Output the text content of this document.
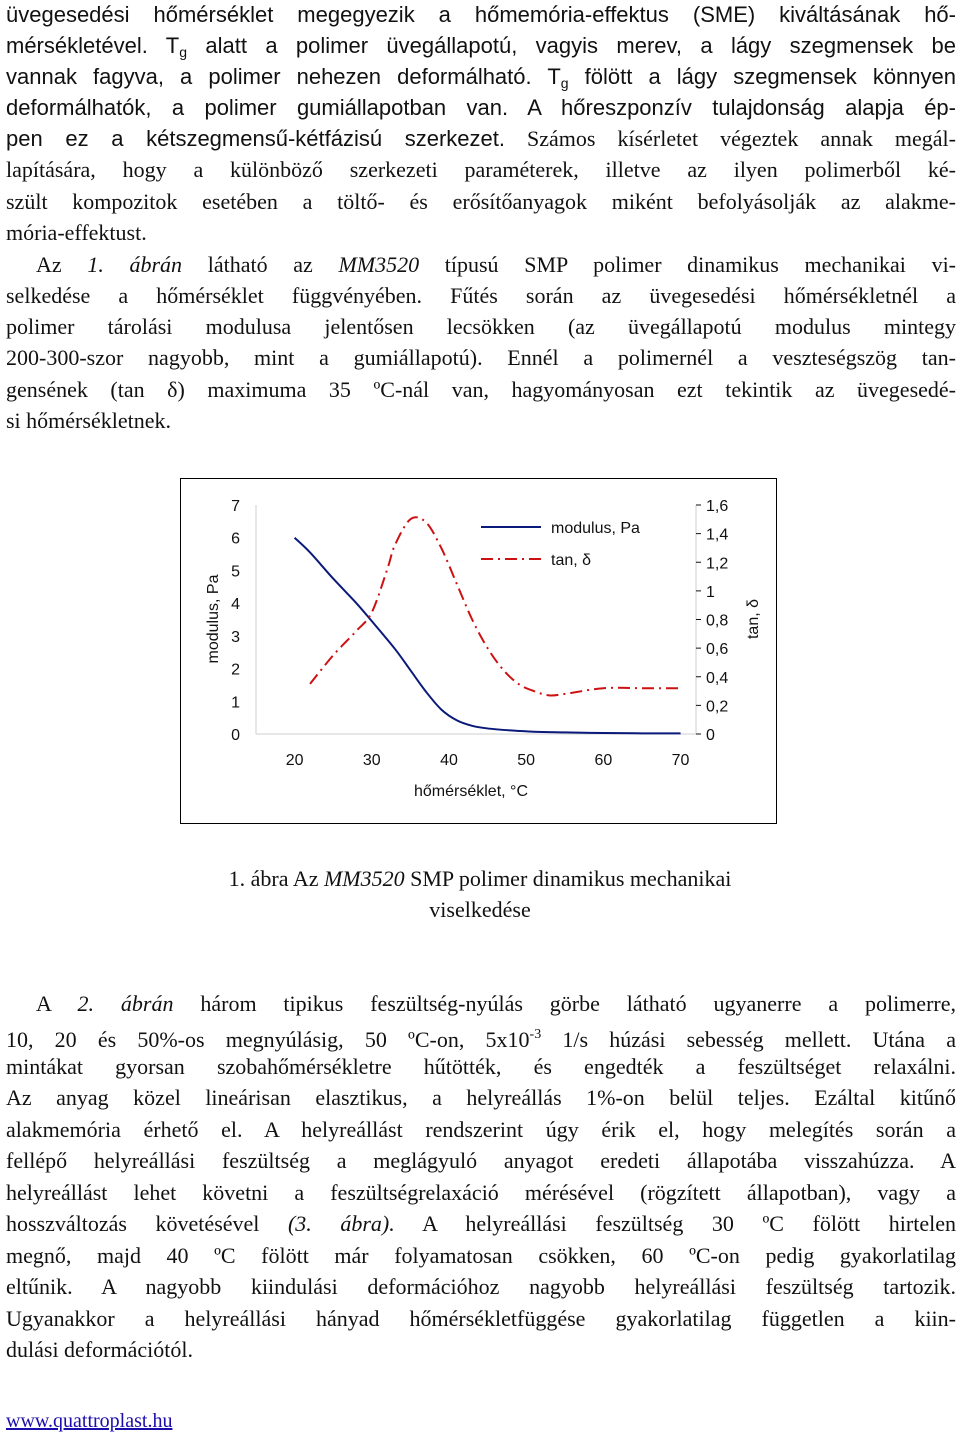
üvegesedési hőmérséklet megegyezik a hőmemória-effektus (SME) kiváltásának hő-
mérsékletével. $T_g$ alatt a polimer üvegállapotú, vagyis merev, a lágy szegmensek be
vannak fagyva, a polimer nehezen deformálható. $T_g$ fölött a lágy szegmensek könnyen
deformálhatók, a polimer gumiállapotban van. A hőreszponzív tulajdonság alapja ép-
pen ez a kétszegmensű-kétfázisú szerkezet. Számos kísérletet végeztek annak megál-
lapítására, hogy a különböző szerkezeti paraméterek, illetve az ilyen polimerből ké-
szült kompozitok esetében a töltő- és erősítőanyagok miként befolyásolják az alakme-
mória-effektust.
Az 1. ábrán látható az MM3520 típusú SMP polimer dinamikus mechanikai vi-
selkedése a hőmérséklet függvényében. Fűtés során az üvegesedési hőmérsékletnél a
polimer tárolási modulusa jelentősen lecsökken (az üvegállapotú modulus mintegy
200-300-szor nagyobb, mint a gumiállapotú). Ennél a polimernél a veszteségszög tan-
gensének (tan δ) maximuma 35 ºC-nál van, hagyományosan ezt tekintik az üvegesedé-
si hőmérsékletnek.
0
1
2
3
4
5
6
7
0
0,2
0,4
0,6
0,8
1
1,2
1,4
1,6
20	30	40	50	60	70
hőmérséklet, °C
modulus, Pa	tan, δ
modulus, Pa
tan, δ
1. ábra Az MM3520 SMP polimer dinamikus mechanikai
viselkedése
A 2. ábrán három tipikus feszültség-nyúlás görbe látható ugyanerre a polimerre,
10, 20 és 50%-os megnyúlásig, 50 ºC-on, $5x10^{-3}$ 1/s húzási sebesség mellett. Utána a
mintákat gyorsan szobahőmérsékletre hűtötték, és engedték a feszültséget relaxálni.
Az anyag közel lineárisan elasztikus, a helyreállás 1%-on belül teljes. Ezáltal kitűnő
alakmemória érhető el. A helyreállást rendszerint úgy érik el, hogy melegítés során a
fellépő helyreállási feszültség a meglágyuló anyagot eredeti állapotába visszahúzza. A
helyreállást lehet követni a feszültségrelaxáció mérésével (rögzített állapotban), vagy a
hosszváltozás követésével (3. ábra). A helyreállási feszültség 30 ºC fölött hirtelen
megnő, majd 40 ºC fölött már folyamatosan csökken, 60 ºC-on pedig gyakorlatilag
eltűnik. A nagyobb kiindulási deformációhoz nagyobb helyreállási feszültség tartozik.
Ugyanakkor a helyreállási hányad hőmérsékletfüggése gyakorlatilag független a kiin-
dulási deformációtól.
www.quattroplast.hu
